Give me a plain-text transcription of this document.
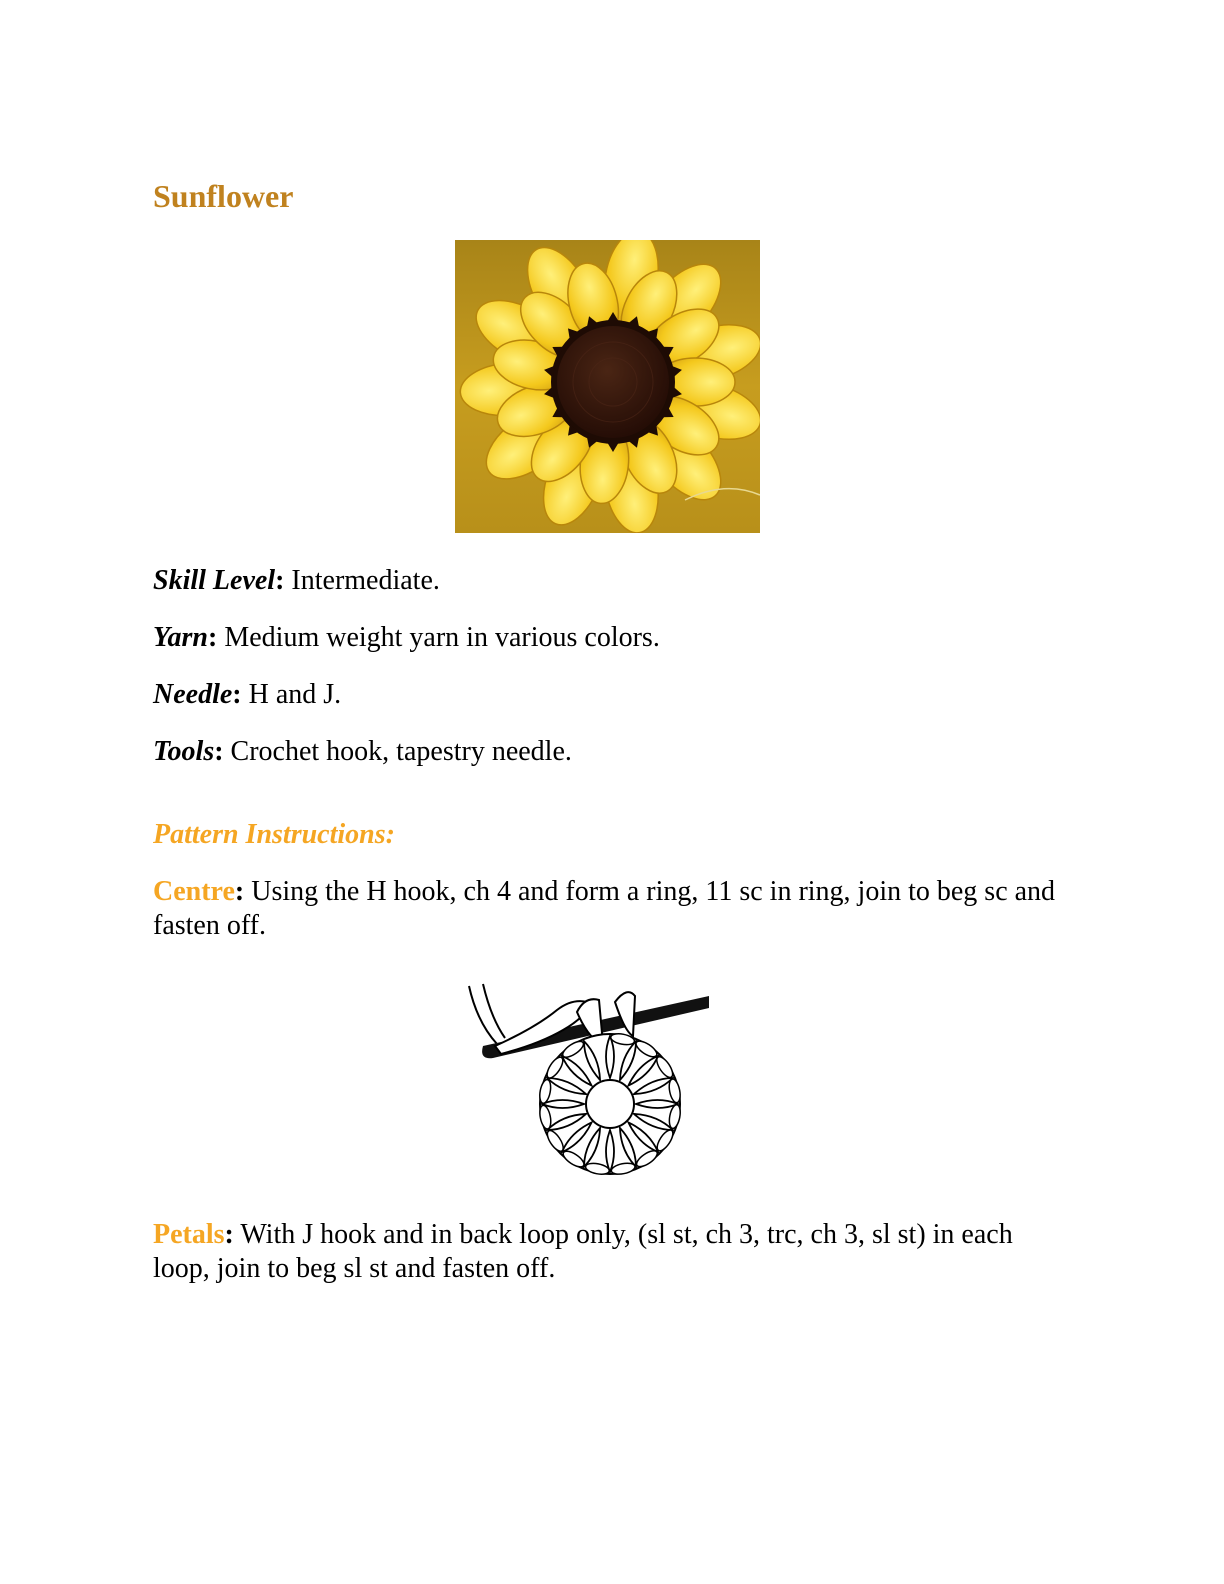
Sunflower

Skill Level: Intermediate.

Yarn: Medium weight yarn in various colors.

Needle: H and J.

Tools: Crochet hook, tapestry needle.

Pattern Instructions:

Centre: Using the H hook, ch 4 and form a ring, 11 sc in ring, join to beg sc and fasten off.

Petals: With J hook and in back loop only, (sl st, ch 3, trc, ch 3, sl st) in each loop, join to beg sl st and fasten off.
